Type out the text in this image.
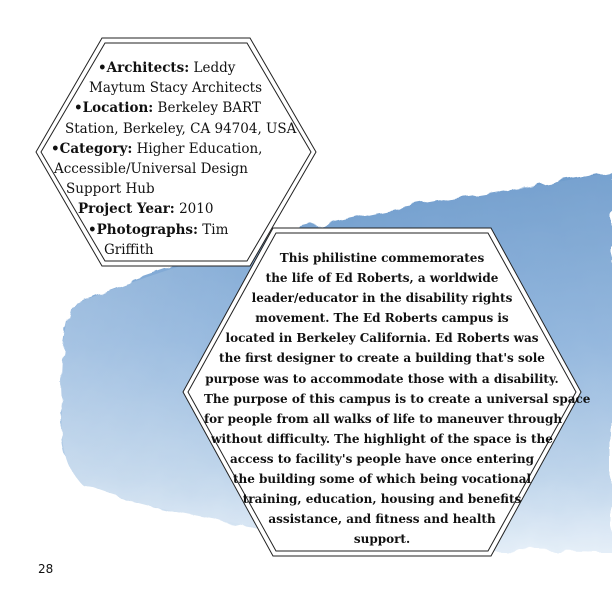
•Architects: Leddy
Maytum Stacy Architects
•Location: Berkeley BART
Station, Berkeley, CA 94704, USA
•Category: Higher Education,
Accessible/Universal Design
Support Hub
Project Year: 2010
•Photographs: Tim
Griffith
This philistine commemorates
the life of Ed Roberts, a worldwide
leader/educator in the disability rights
movement. The Ed Roberts campus is
located in Berkeley California. Ed Roberts was
the first designer to create a building that's sole
purpose was to accommodate those with a disability.
The purpose of this campus is to create a universal space
for people from all walks of life to maneuver through
without difficulty. The highlight of the space is the
access to facility's people have once entering
the building some of which being vocational
training, education, housing and benefits
assistance, and fitness and health
support.
28
